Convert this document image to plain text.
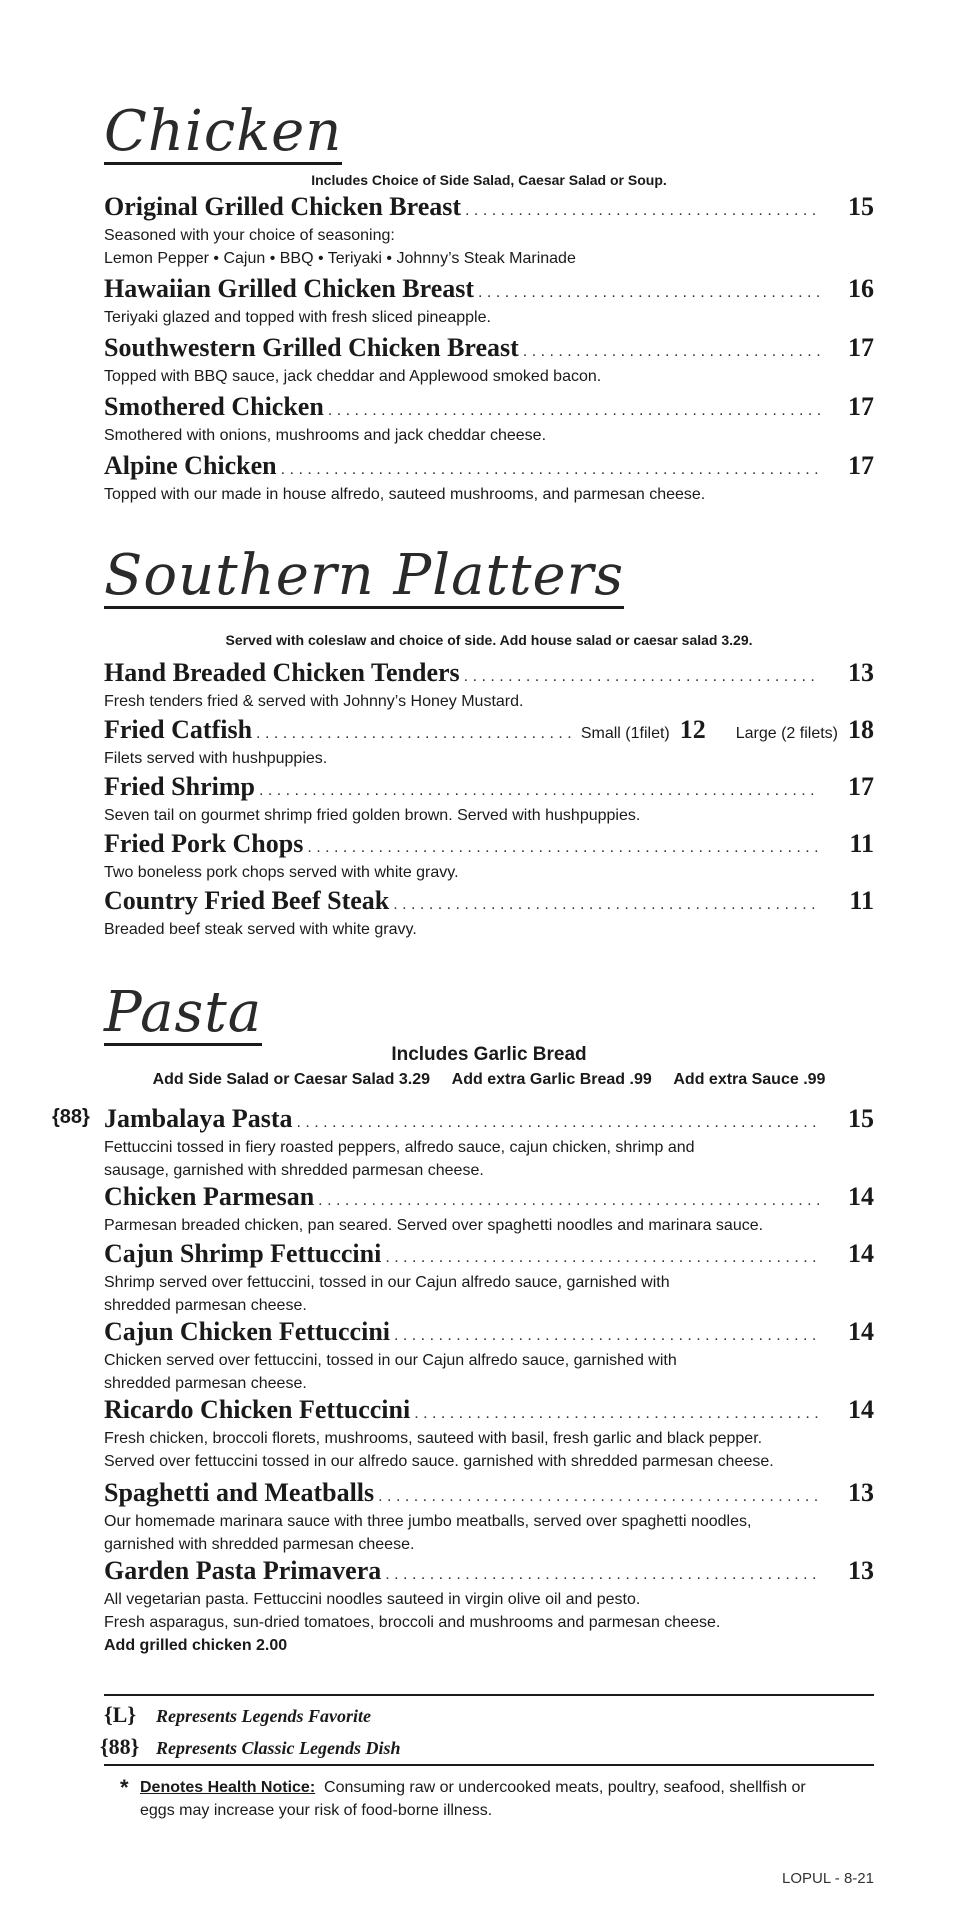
Chicken
Includes Choice of Side Salad, Caesar Salad or Soup.
Original Grilled Chicken Breast . . .	15
Seasoned with your choice of seasoning:
Lemon Pepper • Cajun • BBQ • Teriyaki • Johnny’s Steak Marinade
Hawaiian Grilled Chicken Breast . . .	16
Teriyaki glazed and topped with fresh sliced pineapple.
Southwestern Grilled Chicken Breast . . .	17
Topped with BBQ sauce, jack cheddar and Applewood smoked bacon.
Smothered Chicken . . .	17
Smothered with onions, mushrooms and jack cheddar cheese.
Alpine Chicken . . .	17
Topped with our made in house alfredo, sauteed mushrooms, and parmesan cheese.
Southern Platters
Served with coleslaw and choice of side. Add house salad or caesar salad 3.29.
Hand Breaded Chicken Tenders . . .	13
Fresh tenders fried & served with Johnny’s Honey Mustard.
Fried Catfish . . .	Small (1filet) 12 Large (2 filets) 18
Filets served with hushpuppies.
Fried Shrimp . . .	17
Seven tail on gourmet shrimp fried golden brown. Served with hushpuppies.
Fried Pork Chops . . .	11
Two boneless pork chops served with white gravy.
Country Fried Beef Steak . . .	11
Breaded beef steak served with white gravy.
Pasta
Includes Garlic Bread
Add Side Salad or Caesar Salad 3.29     Add extra Garlic Bread .99     Add extra Sauce .99
{88} Jambalaya Pasta . . .	15
Fettuccini tossed in fiery roasted peppers, alfredo sauce, cajun chicken, shrimp and
sausage, garnished with shredded parmesan cheese.
Chicken Parmesan . . .	14
Parmesan breaded chicken, pan seared. Served over spaghetti noodles and marinara sauce.
Cajun Shrimp Fettuccini . . .	14
Shrimp served over fettuccini, tossed in our Cajun alfredo sauce, garnished with
shredded parmesan cheese.
Cajun Chicken Fettuccini . . .	14
Chicken served over fettuccini, tossed in our Cajun alfredo sauce, garnished with
shredded parmesan cheese.
Ricardo Chicken Fettuccini . . .	14
Fresh chicken, broccoli florets, mushrooms, sauteed with basil, fresh garlic and black pepper.
Served over fettuccini tossed in our alfredo sauce. garnished with shredded parmesan cheese.
Spaghetti and Meatballs . . .	13
Our homemade marinara sauce with three jumbo meatballs, served over spaghetti noodles,
garnished with shredded parmesan cheese.
Garden Pasta Primavera . . .	13
All vegetarian pasta. Fettuccini noodles sauteed in virgin olive oil and pesto.
Fresh asparagus, sun-dried tomatoes, broccoli and mushrooms and parmesan cheese.
Add grilled chicken 2.00
{L}	Represents Legends Favorite
{88} Represents Classic Legends Dish
* Denotes Health Notice:  Consuming raw or undercooked meats, poultry, seafood, shellfish or
eggs may increase your risk of food-borne illness.
LOPUL - 8-21
